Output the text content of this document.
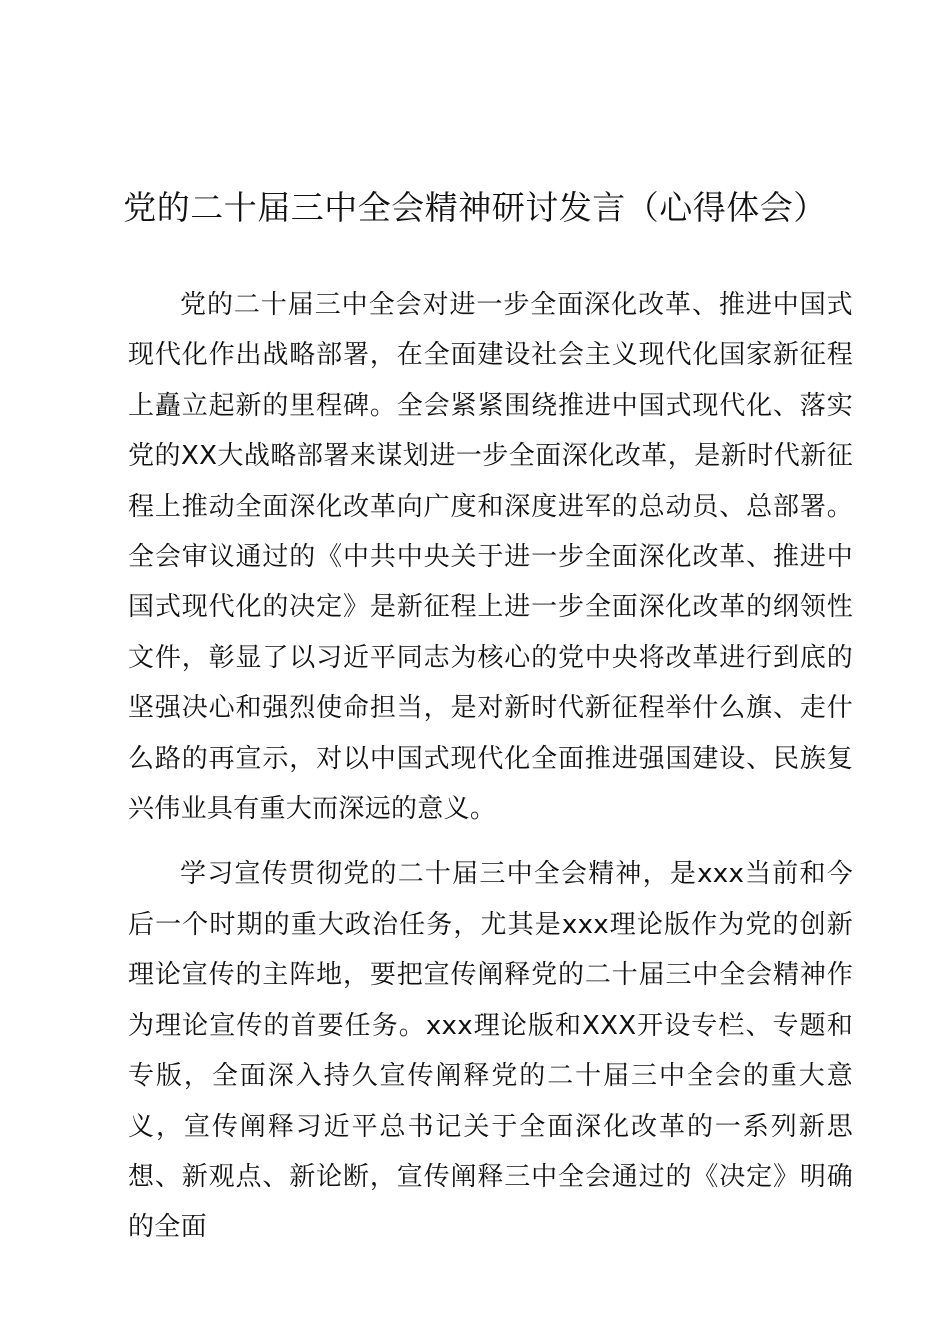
党的二十届三中全会精神研讨发言（心得体会）

党的二十届三中全会对进一步全面深化改革、推进中国式现代化作出战略部署，在全面建设社会主义现代化国家新征程上矗立起新的里程碑。全会紧紧围绕推进中国式现代化、落实党的XX大战略部署来谋划进一步全面深化改革，是新时代新征程上推动全面深化改革向广度和深度进军的总动员、总部署。全会审议通过的《中共中央关于进一步全面深化改革、推进中国式现代化的决定》是新征程上进一步全面深化改革的纲领性文件，彰显了以习近平同志为核心的党中央将改革进行到底的坚强决心和强烈使命担当，是对新时代新征程举什么旗、走什么路的再宣示，对以中国式现代化全面推进强国建设、民族复兴伟业具有重大而深远的意义。

学习宣传贯彻党的二十届三中全会精神，是xxx当前和今后一个时期的重大政治任务，尤其是xxx理论版作为党的创新理论宣传的主阵地，要把宣传阐释党的二十届三中全会精神作为理论宣传的首要任务。xxx理论版和XXX开设专栏、专题和专版，全面深入持久宣传阐释党的二十届三中全会的重大意义，宣传阐释习近平总书记关于全面深化改革的一系列新思想、新观点、新论断，宣传阐释三中全会通过的《决定》明确的全面
